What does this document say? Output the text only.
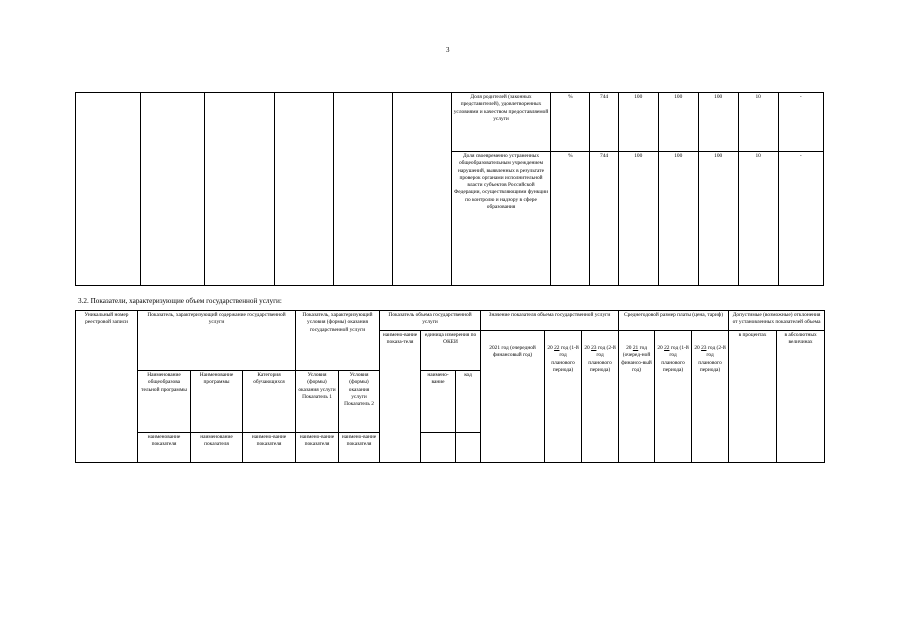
3
						Доля родителей (законных представителей), удовлетворенных условиями и качеством предоставляемой услуги	%	744	100	100	100	10	-
						Доля своевременно устраненных общеобразовательным учреждением нарушений, выявленных в результате проверок органами исполнительной власти субъектов Российской Федерации, осуществляющими функции по контролю и надзору в сфере образования	%	744	100	100	100	10	-
3.2. Показатели, характеризующие объем государственной услуги:
Уникальный номер реестровой записи	Показатель, характеризующий содержание государственной услуги			Показатель, характеризующий условия (формы) оказания государственной услуги		Показатель объема государственной услуги			Значение показателя объема государственной услуги			Среднегодовой размер платы (цена, тариф)			Допустимые (возможные) отклонения от установленных показателей объема	
						наимено-вание показа-теля	единица измерения по ОКЕИ		2021 год (очередной финансовый год)	20 22 год (1-й год планового периода)	20 23 год (2-й год планового периода)	20 21 год (очеред-ной финансо-вый год)	20 22 год (1-й год планового периода)	20 23 год (2-й год планового периода)	в процентах	в абсолютных величинах
	Наименование общеобразова тельной программы	Наименование программы	Категория обучающихся	Условия (формы) оказания услуги Показатель 1	Условия (формы) оказания услуги Показатель 2		наимено-вание	код								
	наименование показателя	наименование показателя	наимено-вание показателя	наимено-вание показателя	наимено-вание показателя											
